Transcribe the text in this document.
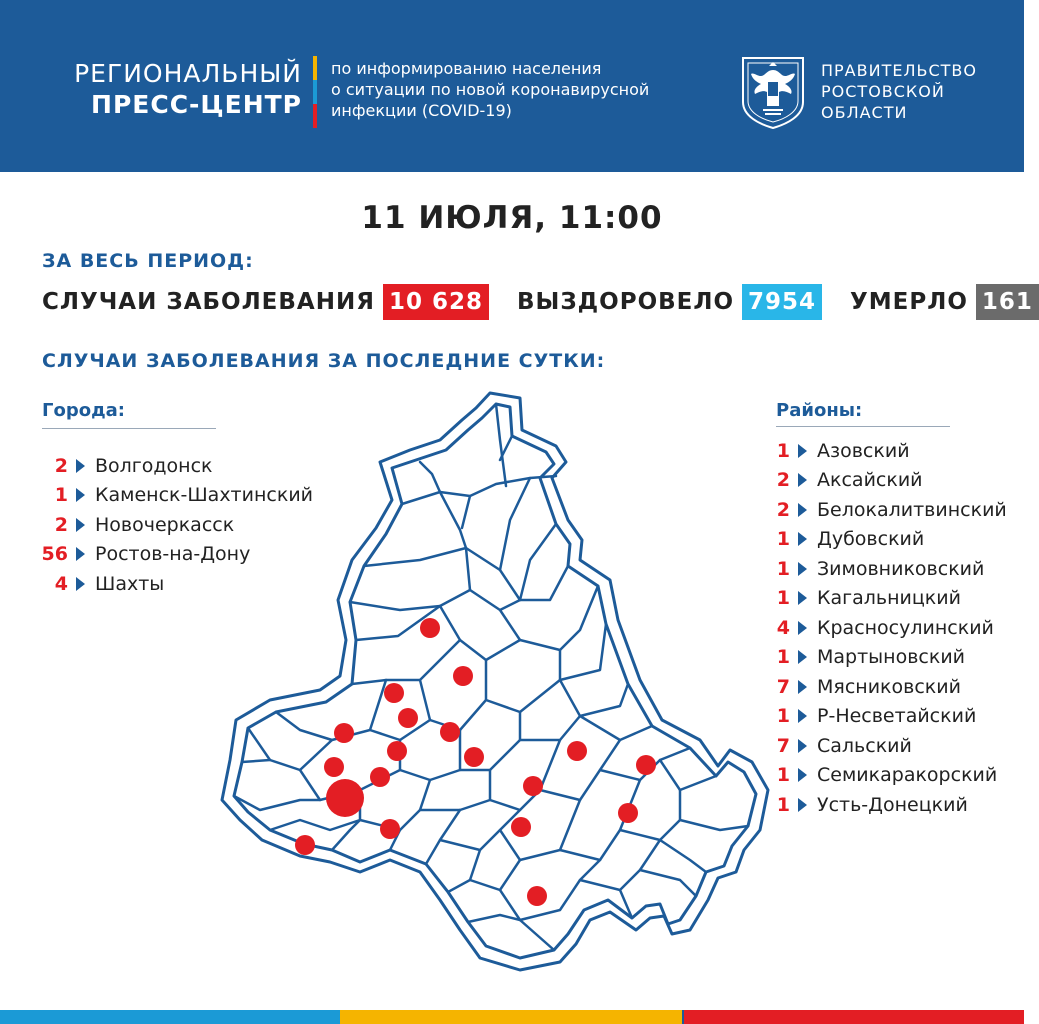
РЕГИОНАЛЬНЫЙ
ПРЕСС-ЦЕНТР
по информированию населения
о ситуации по новой коронавирусной
инфекции (COVID-19)
ПРАВИТЕЛЬСТВО
РОСТОВСКОЙ
ОБЛАСТИ
11 ИЮЛЯ, 11:00
ЗА ВЕСЬ ПЕРИОД:
СЛУЧАИ ЗАБОЛЕВАНИЯ 10 628 ВЫЗДОРОВЕЛО 7954 УМЕРЛО 161
СЛУЧАИ ЗАБОЛЕВАНИЯ ЗА ПОСЛЕДНИЕ СУТКИ:
Города:
2 Волгодонск
1 Каменск-Шахтинский
2 Новочеркасск
56 Ростов-на-Дону
4 Шахты
Районы:
1 Азовский
2 Аксайский
2 Белокалитвинский
1 Дубовский
1 Зимовниковский
1 Кагальницкий
4 Красносулинский
1 Мартыновский
7 Мясниковский
1 Р-Несветайский
7 Сальский
1 Семикаракорский
1 Усть-Донецкий
